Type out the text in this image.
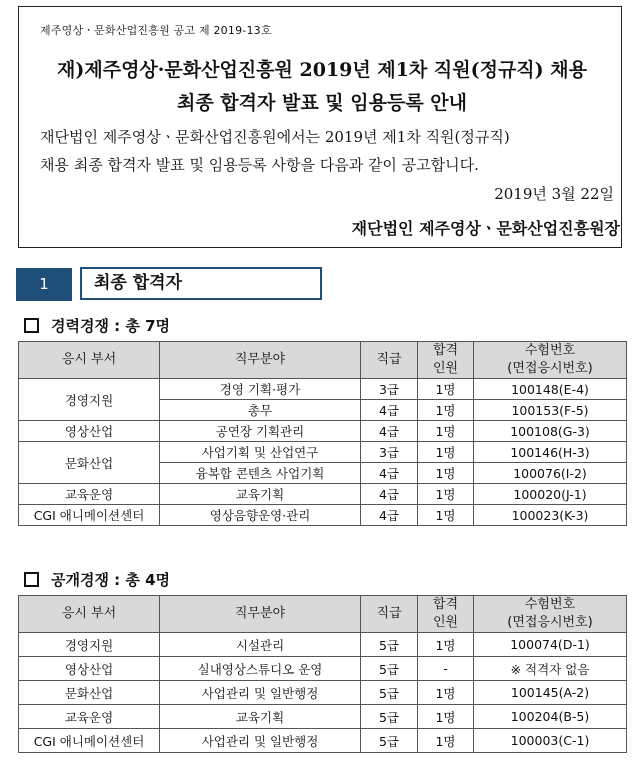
제주영상ㆍ문화산업진흥원 공고 제 2019-13호
재)제주영상·문화산업진흥원 2019년 제1차 직원(정규직) 채용
최종 합격자 발표 및 임용등록 안내
재단법인 제주영상ㆍ문화산업진흥원에서는 2019년 제1차 직원(정규직)
채용 최종 합격자 발표 및 임용등록 사항을 다음과 같이 공고합니다.
2019년 3월 22일
재단법인 제주영상ㆍ문화산업진흥원장
1	최종 합격자
경력경쟁 : 총 7명
응시 부서	직무분야	직급	합격
인원	수험번호
(면접응시번호)
경영지원	경영 기획·평가	3급	1명	100148(E-4)
	총무	4급	1명	100153(F-5)
영상산업	공연장 기획관리	4급	1명	100108(G-3)
문화산업	사업기획 및 산업연구	3급	1명	100146(H-3)
	융복합 콘텐츠 사업기획	4급	1명	100076(I-2)
교육운영	교육기획	4급	1명	100020(J-1)
CGI 애니메이션센터	영상음향운영·관리	4급	1명	100023(K-3)
공개경쟁 : 총 4명
응시 부서	직무분야	직급	합격
인원	수험번호
(면접응시번호)
경영지원	시설관리	5급	1명	100074(D-1)
영상산업	실내영상스튜디오 운영	5급	-	※ 적격자 없음
문화산업	사업관리 및 일반행정	5급	1명	100145(A-2)
교육운영	교육기획	5급	1명	100204(B-5)
CGI 애니메이션센터	사업관리 및 일반행정	5급	1명	100003(C-1)
